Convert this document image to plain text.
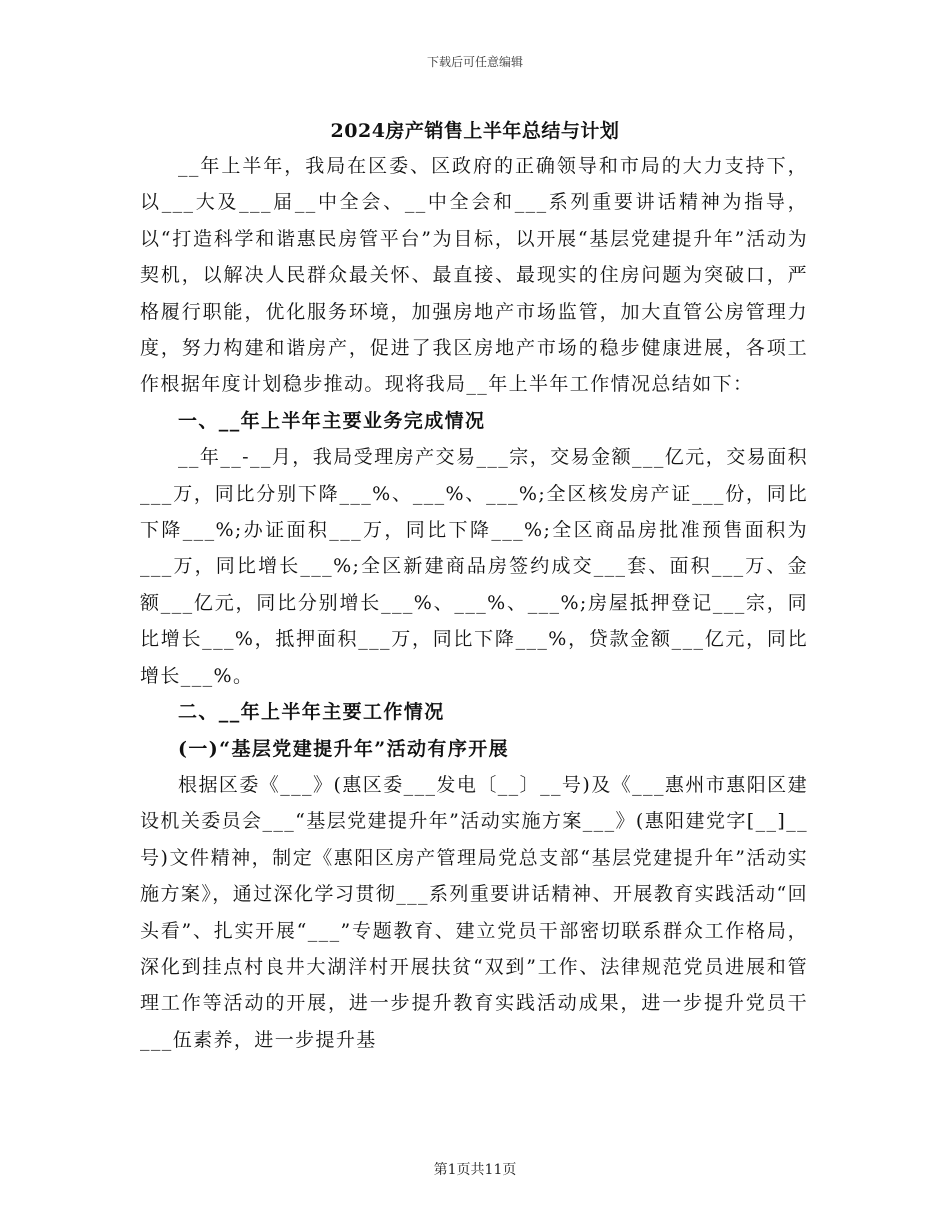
下载后可任意编辑
2024房产销售上半年总结与计划

__年上半年，我局在区委、区政府的正确领导和市局的大力支持下，以___大及___届__中全会、__中全会和___系列重要讲话精神为指导，以“打造科学和谐惠民房管平台”为目标，以开展“基层党建提升年”活动为契机，以解决人民群众最关怀、最直接、最现实的住房问题为突破口，严格履行职能，优化服务环境，加强房地产市场监管，加大直管公房管理力度，努力构建和谐房产，促进了我区房地产市场的稳步健康进展，各项工作根据年度计划稳步推动。现将我局__年上半年工作情况总结如下：

一、__年上半年主要业务完成情况

__年__-__月，我局受理房产交易___宗，交易金额___亿元，交易面积___万，同比分别下降___%、___%、___%;全区核发房产证___份，同比下降___%;办证面积___万，同比下降___%;全区商品房批准预售面积为___万，同比增长___%;全区新建商品房签约成交___套、面积___万、金额___亿元，同比分别增长___%、___%、___%;房屋抵押登记___宗，同比增长___%，抵押面积___万，同比下降___%，贷款金额___亿元，同比增长___%。

二、__年上半年主要工作情况

(一)“基层党建提升年”活动有序开展

根据区委《___》(惠区委___发电〔__〕__号)及《___惠州市惠阳区建设机关委员会___“基层党建提升年”活动实施方案___》(惠阳建党字[__]__号)文件精神，制定《惠阳区房产管理局党总支部“基层党建提升年”活动实施方案》，通过深化学习贯彻___系列重要讲话精神、开展教育实践活动“回头看”、扎实开展“___”专题教育、建立党员干部密切联系群众工作格局，深化到挂点村良井大湖洋村开展扶贫“双到”工作、法律规范党员进展和管理工作等活动的开展，进一步提升教育实践活动成果，进一步提升党员干___伍素养，进一步提升基

第1页共11页
